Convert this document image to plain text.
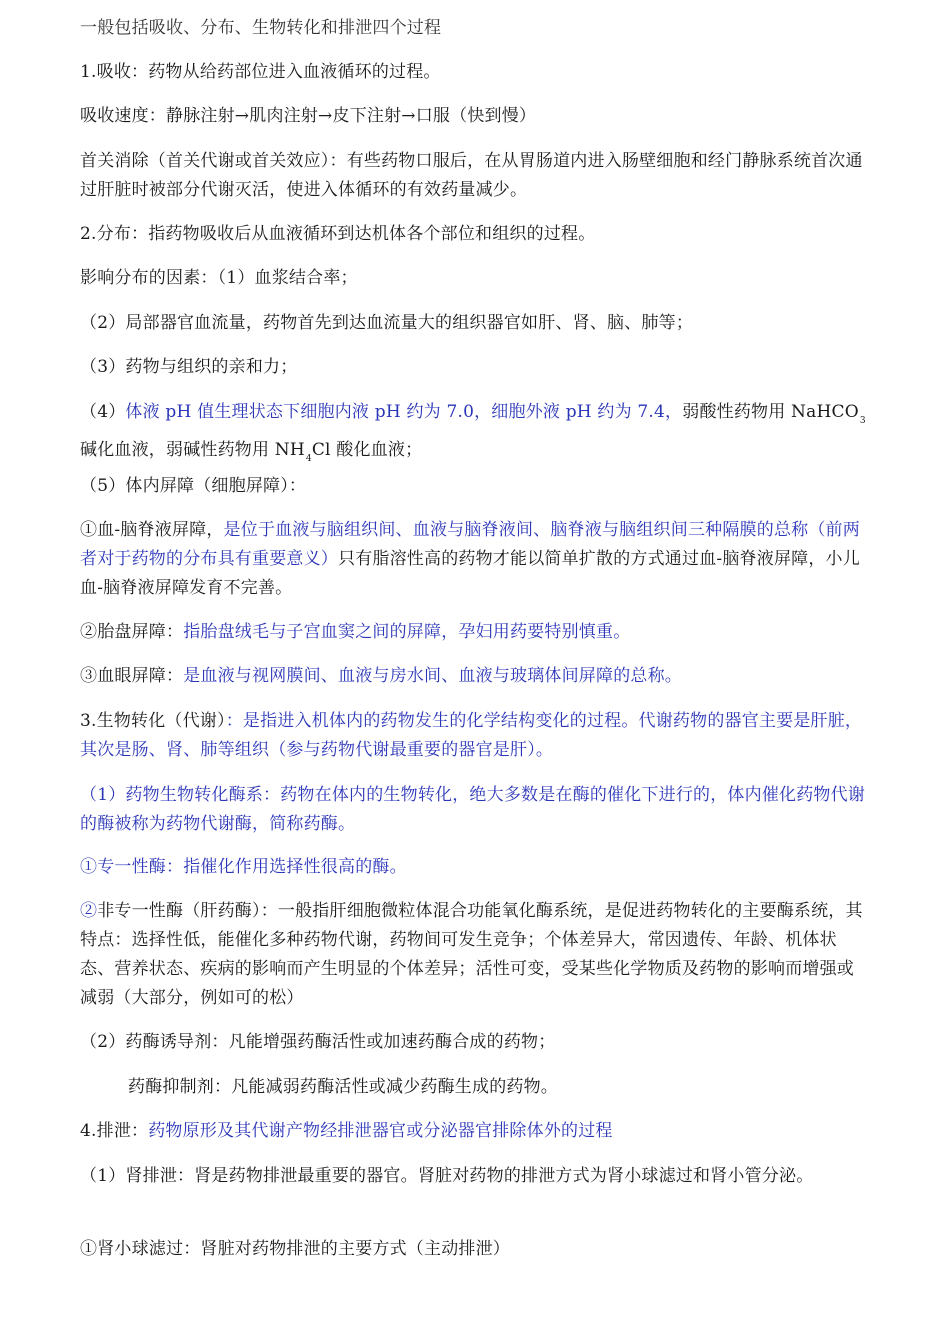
一般包括吸收、分布、生物转化和排泄四个过程
1.吸收：药物从给药部位进入血液循环的过程。
吸收速度：静脉注射→肌肉注射→皮下注射→口服（快到慢）
首关消除（首关代谢或首关效应）：有些药物口服后，在从胃肠道内进入肠壁细胞和经门静脉系统首次通过肝脏时被部分代谢灭活，使进入体循环的有效药量减少。
2.分布：指药物吸收后从血液循环到达机体各个部位和组织的过程。
影响分布的因素：（1）血浆结合率；
（2）局部器官血流量，药物首先到达血流量大的组织器官如肝、肾、脑、肺等；
（3）药物与组织的亲和力；
（4）体液 pH 值生理状态下细胞内液 pH 约为 7.0，细胞外液 pH 约为 7.4，弱酸性药物用 NaHCO$_3$ 碱化血液，弱碱性药物用 $NH_4Cl$ 酸化血液；
（5）体内屏障（细胞屏障）：
①血-脑脊液屏障，是位于血液与脑组织间、血液与脑脊液间、脑脊液与脑组织间三种隔膜的总称（前两者对于药物的分布具有重要意义）只有脂溶性高的药物才能以简单扩散的方式通过血-脑脊液屏障，小儿血-脑脊液屏障发育不完善。
②胎盘屏障：指胎盘绒毛与子宫血窦之间的屏障，孕妇用药要特别慎重。
③血眼屏障：是血液与视网膜间、血液与房水间、血液与玻璃体间屏障的总称。
3.生物转化（代谢）：是指进入机体内的药物发生的化学结构变化的过程。代谢药物的器官主要是肝脏，其次是肠、肾、肺等组织（参与药物代谢最重要的器官是肝）。
（1）药物生物转化酶系：药物在体内的生物转化，绝大多数是在酶的催化下进行的，体内催化药物代谢的酶被称为药物代谢酶，简称药酶。
①专一性酶：指催化作用选择性很高的酶。
②非专一性酶（肝药酶）：一般指肝细胞微粒体混合功能氧化酶系统，是促进药物转化的主要酶系统，其特点：选择性低，能催化多种药物代谢，药物间可发生竞争；个体差异大，常因遗传、年龄、机体状态、营养状态、疾病的影响而产生明显的个体差异；活性可变，受某些化学物质及药物的影响而增强或减弱（大部分，例如可的松）
（2）药酶诱导剂：凡能增强药酶活性或加速药酶合成的药物；
药酶抑制剂：凡能减弱药酶活性或减少药酶生成的药物。
4.排泄：药物原形及其代谢产物经排泄器官或分泌器官排除体外的过程
（1）肾排泄：肾是药物排泄最重要的器官。肾脏对药物的排泄方式为肾小球滤过和肾小管分泌。
①肾小球滤过：肾脏对药物排泄的主要方式（主动排泄）
